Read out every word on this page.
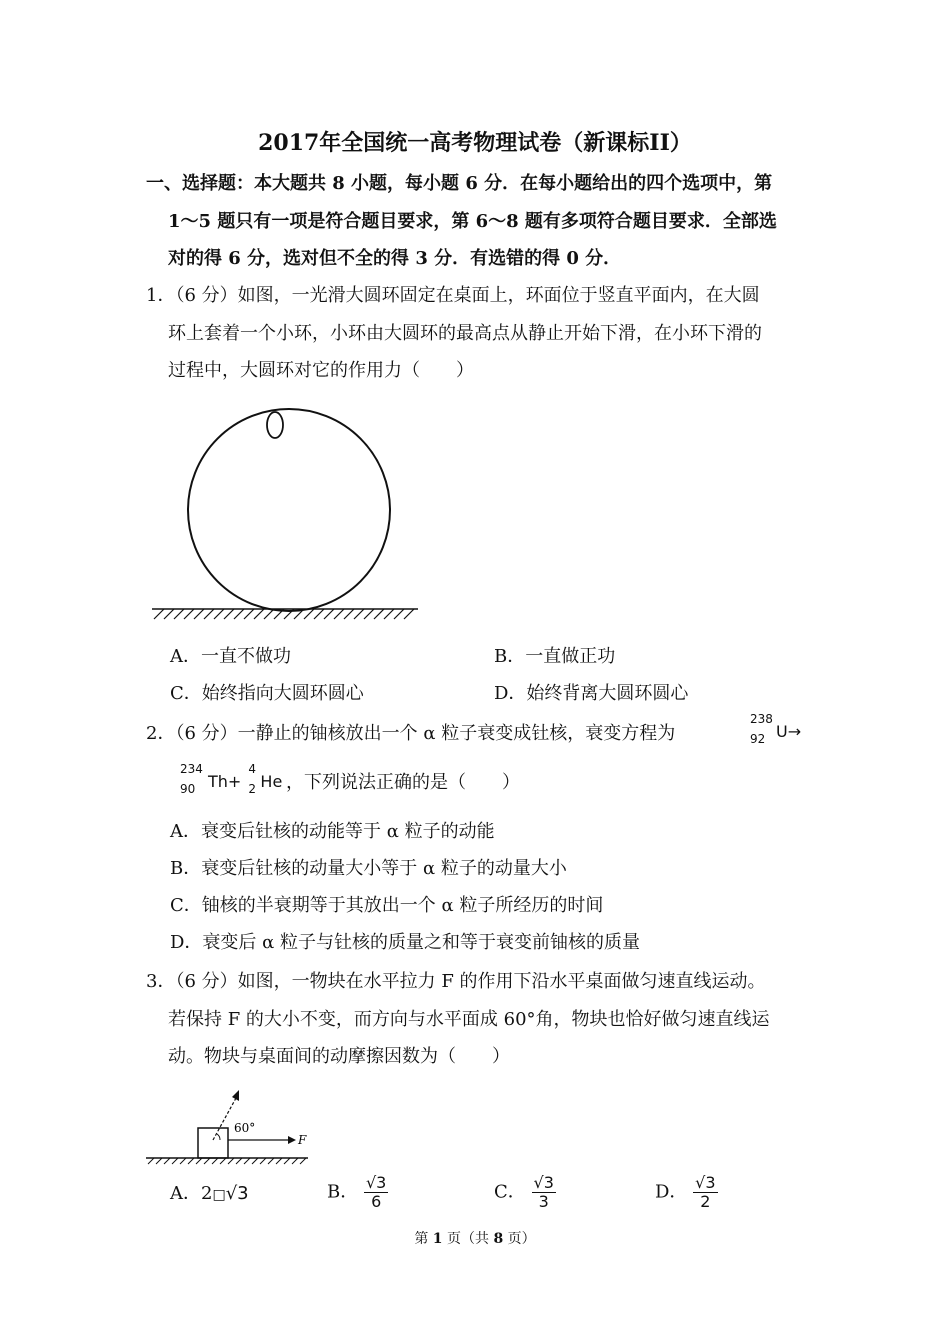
2017年全国统一高考物理试卷（新课标II）
一、选择题：本大题共 8 小题，每小题 6 分．在每小题给出的四个选项中，第
1～5 题只有一项是符合题目要求，第 6～8 题有多项符合题目要求．全部选
对的得 6 分，选对但不全的得 3 分．有选错的得 0 分．
1．（6 分）如图，一光滑大圆环固定在桌面上，环面位于竖直平面内，在大圆
环上套着一个小环，小环由大圆环的最高点从静止开始下滑，在小环下滑的
过程中，大圆环对它的作用力（　　）
A．一直不做功	B．一直做正功
C．始终指向大圆环圆心	D．始终背离大圆环圆心
2．（6 分）一静止的铀核放出一个 α 粒子衰变成钍核，衰变方程为
238
92 U→
234
90 Th+
4
2 He ，下列说法正确的是（　　）
A．衰变后钍核的动能等于 α 粒子的动能
B．衰变后钍核的动量大小等于 α 粒子的动量大小
C．铀核的半衰期等于其放出一个 α 粒子所经历的时间
D．衰变后 α 粒子与钍核的质量之和等于衰变前铀核的质量
3．（6 分）如图，一物块在水平拉力 F 的作用下沿水平桌面做匀速直线运动。
若保持 F 的大小不变，而方向与水平面成 60°角，物块也恰好做匀速直线运
动。物块与桌面间的动摩擦因数为（　　）
60°
F
A．2□√3	B． $\frac{√3}{6}$	C． $\frac{√3}{3}$	D． $\frac{√3}{2}$
第 1 页（共 8 页）
